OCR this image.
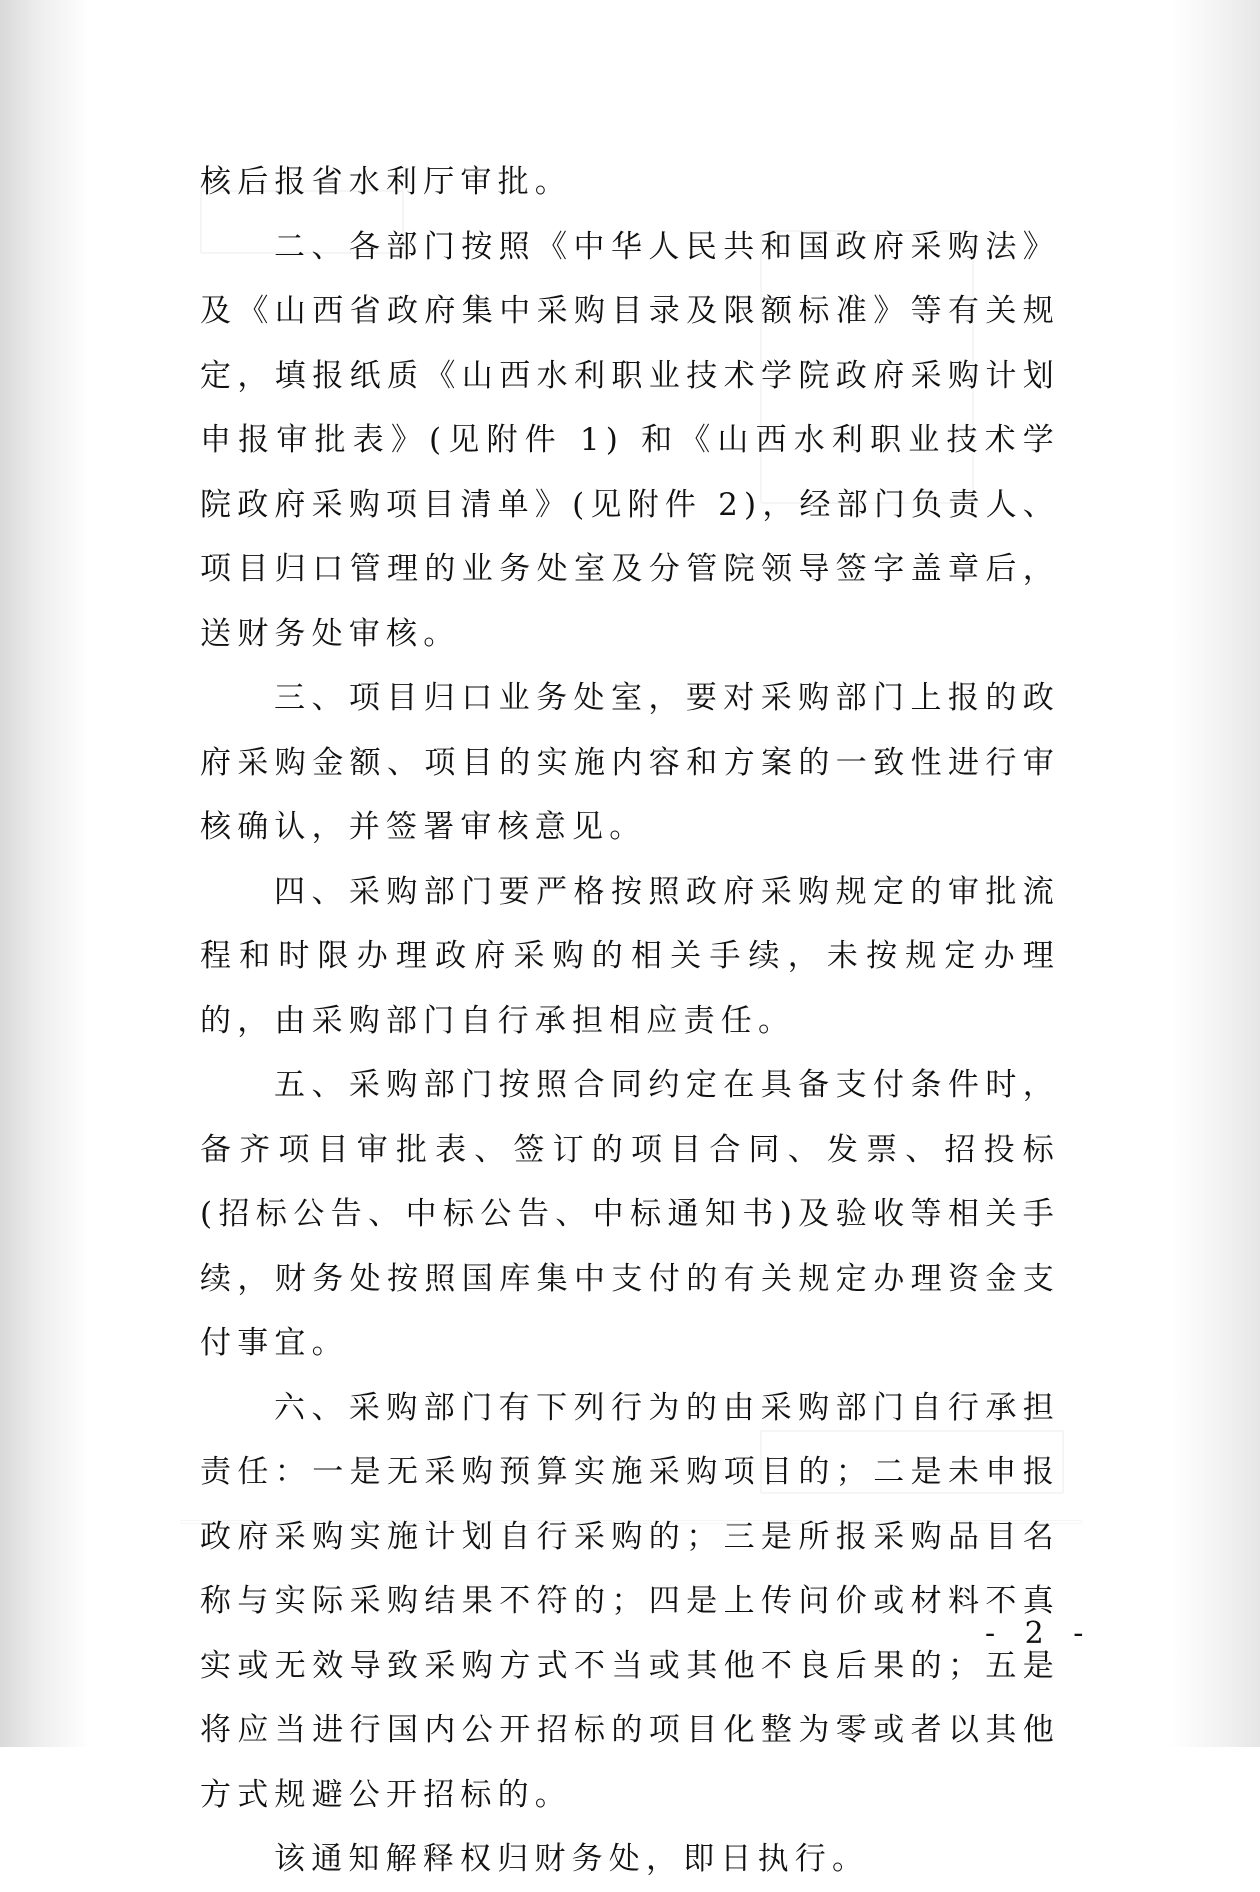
核后报省水利厅审批。

二、各部门按照《中华人民共和国政府采购法》及《山西省政府集中采购目录及限额标准》等有关规定，填报纸质《山西水利职业技术学院政府采购计划申报审批表》(见附件 1) 和《山西水利职业技术学院政府采购项目清单》(见附件 2)，经部门负责人、项目归口管理的业务处室及分管院领导签字盖章后，送财务处审核。

三、项目归口业务处室，要对采购部门上报的政府采购金额、项目的实施内容和方案的一致性进行审核确认，并签署审核意见。

四、采购部门要严格按照政府采购规定的审批流程和时限办理政府采购的相关手续，未按规定办理的，由采购部门自行承担相应责任。

五、采购部门按照合同约定在具备支付条件时，备齐项目审批表、签订的项目合同、发票、招投标(招标公告、中标公告、中标通知书)及验收等相关手续，财务处按照国库集中支付的有关规定办理资金支付事宜。

六、采购部门有下列行为的由采购部门自行承担责任：一是无采购预算实施采购项目的；二是未申报政府采购实施计划自行采购的；三是所报采购品目名称与实际采购结果不符的；四是上传问价或材料不真实或无效导致采购方式不当或其他不良后果的；五是将应当进行国内公开招标的项目化整为零或者以其他方式规避公开招标的。

该通知解释权归财务处，即日执行。

- 2 -
